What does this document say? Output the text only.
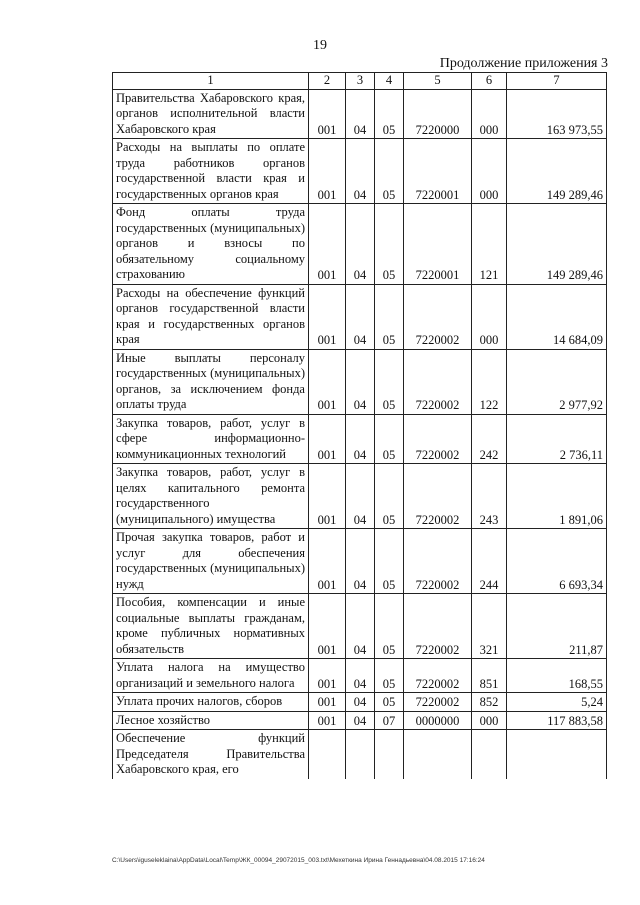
19
Продолжение приложения 3
1	2	3	4	5	6	7
Правительства Хабаровского края, органов исполнительной власти Хабаровского края	001	04	05	7220000	000	163 973,55
Расходы на выплаты по оплате труда работников органов государственной власти края и государственных органов края	001	04	05	7220001	000	149 289,46
Фонд оплаты труда государственных (муниципальных) органов и взносы по обязательному социальному страхованию	001	04	05	7220001	121	149 289,46
Расходы на обеспечение функций органов государственной власти края и государственных органов края	001	04	05	7220002	000	14 684,09
Иные выплаты персоналу государственных (муниципальных) органов, за исключением фонда оплаты труда	001	04	05	7220002	122	2 977,92
Закупка товаров, работ, услуг в сфере информационно-коммуникационных технологий	001	04	05	7220002	242	2 736,11
Закупка товаров, работ, услуг в целях капитального ремонта государственного (муниципального) имущества	001	04	05	7220002	243	1 891,06
Прочая закупка товаров, работ и услуг для обеспечения государственных (муниципальных) нужд	001	04	05	7220002	244	6 693,34
Пособия, компенсации и иные социальные выплаты гражданам, кроме публичных нормативных обязательств	001	04	05	7220002	321	211,87
Уплата налога на имущество организаций и земельного налога	001	04	05	7220002	851	168,55
Уплата прочих налогов, сборов	001	04	05	7220002	852	5,24
Лесное хозяйство	001	04	07	0000000	000	117 883,58
Обеспечение функций Председателя Правительства Хабаровского края, его						
C:\Users\iguseleklaina\AppData\Local\Temp\ЖК_00094_29072015_003.txt\Мехеткина Ирина Геннадьевна\04.08.2015 17:16:24
